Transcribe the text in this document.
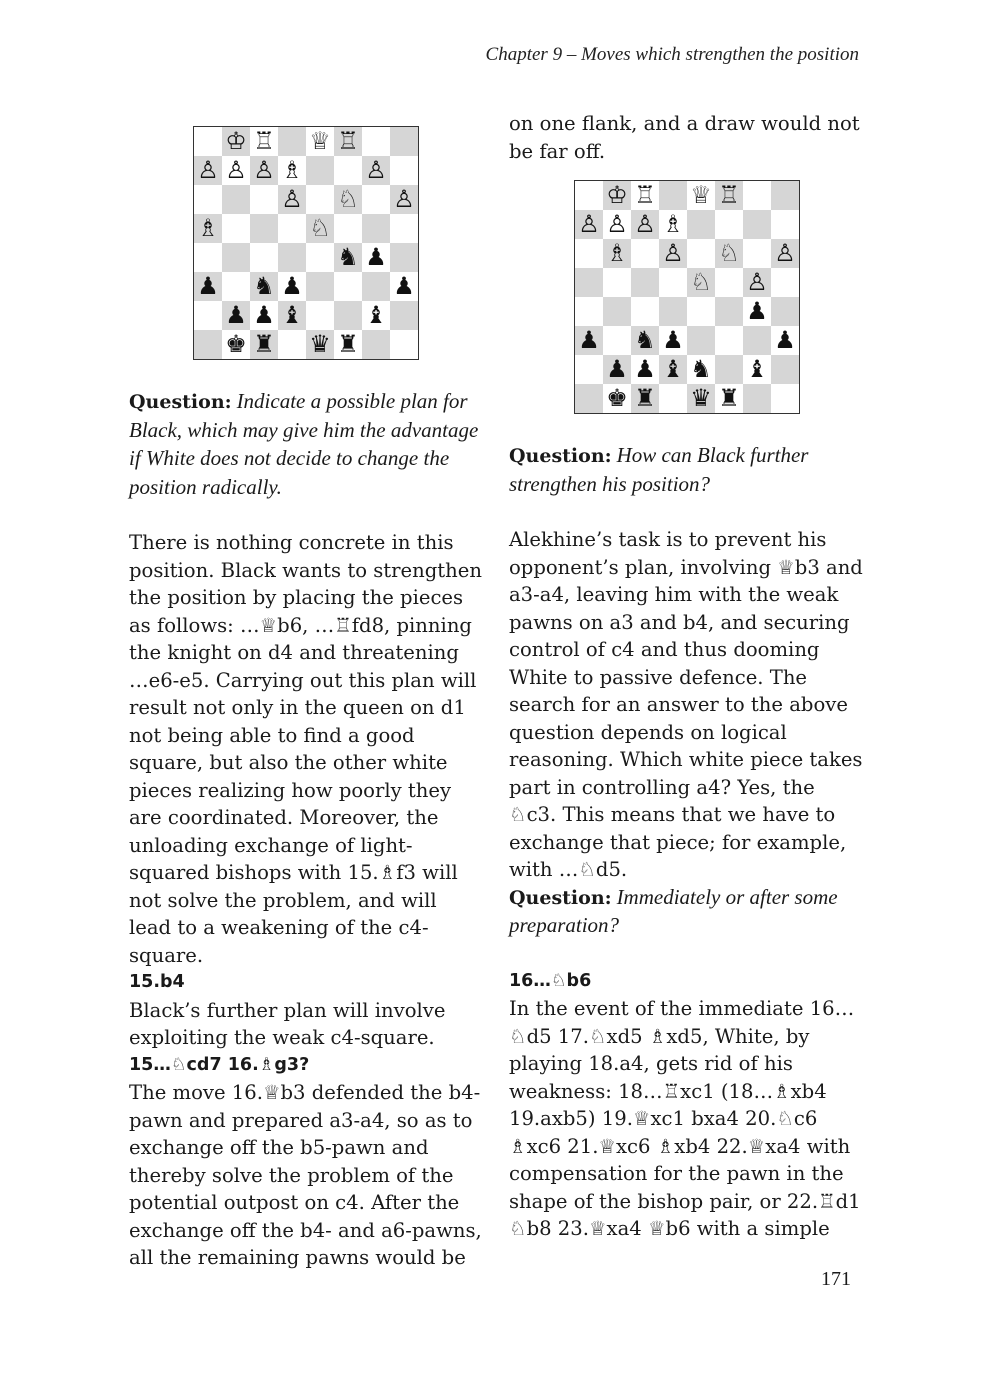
Chapter 9 – Moves which strengthen the position
♔ ♖ ♕ ♖
♙ ♙ ♙ ♗	♙
♙ ♘ ♙
♗	♘
♞ ♟
♟ ♞ ♟	♟
♟ ♟ ♝	♝
♚ ♜ ♛ ♜

Question: Indicate a possible plan for Black, which may give him the advantage if White does not decide to change the position radically.

There is nothing concrete in this position. Black wants to strengthen the position by placing the pieces as follows: …♕b6, …♖fd8, pinning the knight on d4 and threatening …e6-e5. Carrying out this plan will result not only in the queen on d1 not being able to find a good square, but also the other white pieces realizing how poorly they are coordinated. Moreover, the unloading exchange of light-squared bishops with 15.♗f3 will not solve the problem, and will lead to a weakening of the c4-square.

15.b4

Black’s further plan will involve exploiting the weak c4-square.

15…♘cd7 16.♗g3?

The move 16.♕b3 defended the b4-pawn and prepared a3-a4, so as to exchange off the b5-pawn and thereby solve the problem of the potential outpost on c4. After the exchange off the b4- and a6-pawns, all the remaining pawns would be

on one flank, and a draw would not be far off.

♔ ♖ ♕ ♖
♙ ♙ ♙ ♗
♗ ♙ ♘ ♙
♘ ♙
♟
♟ ♞ ♟	♟
♟ ♟ ♝ ♞ ♝
♚ ♜ ♛ ♜

Question: How can Black further strengthen his position?

Alekhine’s task is to prevent his opponent’s plan, involving ♕b3 and a3-a4, leaving him with the weak pawns on a3 and b4, and securing control of c4 and thus dooming White to passive defence. The search for an answer to the above question depends on logical reasoning. Which white piece takes part in controlling a4? Yes, the ♘c3. This means that we have to exchange that piece; for example, with …♘d5.

Question: Immediately or after some preparation?

16…♘b6

In the event of the immediate 16…♘d5 17.♘xd5 ♗xd5, White, by playing 18.a4, gets rid of his weakness: 18…♖xc1 (18…♗xb4 19.axb5) 19.♕xc1 bxa4 20.♘c6 ♗xc6 21.♕xc6 ♗xb4 22.♕xa4 with compensation for the pawn in the shape of the bishop pair, or 22.♖d1 ♘b8 23.♕xa4 ♕b6 with a simple

171
